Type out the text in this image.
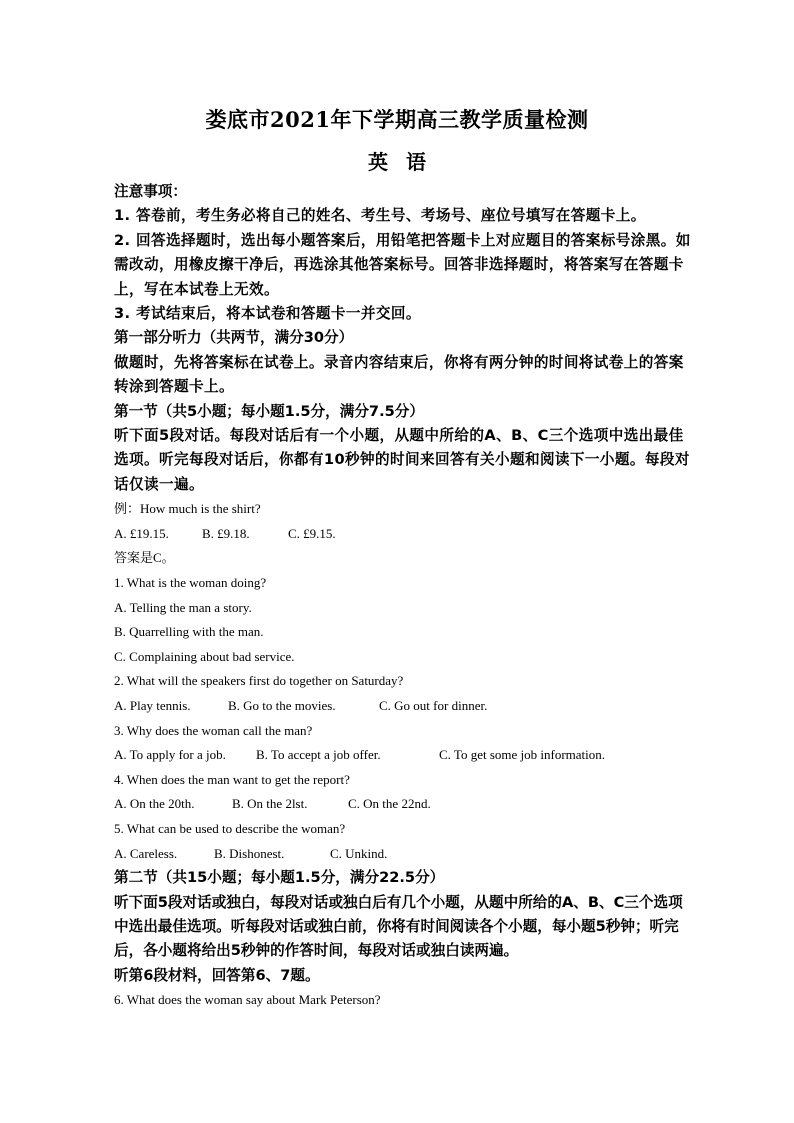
娄底市2021年下学期高三教学质量检测
英语

注意事项：

1. 答卷前，考生务必将自己的姓名、考生号、考场号、座位号填写在答题卡上。

2. 回答选择题时，选出每小题答案后，用铅笔把答题卡上对应题目的答案标号涂黑。如需改动，用橡皮擦干净后，再选涂其他答案标号。回答非选择题时，将答案写在答题卡上，写在本试卷上无效。

3. 考试结束后，将本试卷和答题卡一并交回。

第一部分听力（共两节，满分30分）

做题时，先将答案标在试卷上。录音内容结束后，你将有两分钟的时间将试卷上的答案转涂到答题卡上。

第一节（共5小题；每小题1.5分，满分7.5分）

听下面5段对话。每段对话后有一个小题，从题中所给的A、B、C三个选项中选出最佳选项。听完每段对话后，你都有10秒钟的时间来回答有关小题和阅读下一小题。每段对话仅读一遍。

例：How much is the shirt?

A. £19.15.	B. £9.18.	C. £9.15.

答案是C。

1. What is the woman doing?

A. Telling the man a story.

B. Quarrelling with the man.

C. Complaining about bad service.

2. What will the speakers first do together on Saturday?

A. Play tennis.	B. Go to the movies.	C. Go out for dinner.

3. Why does the woman call the man?

A. To apply for a job. B. To accept a job offer.	C. To get some job information.

4. When does the man want to get the report?

A. On the 20th.	B. On the 2lst.	C. On the 22nd.

5. What can be used to describe the woman?

A. Careless.	B. Dishonest.	C. Unkind.

第二节（共15小题；每小题1.5分，满分22.5分）

听下面5段对话或独白，每段对话或独白后有几个小题，从题中所给的A、B、C三个选项中选出最佳选项。听每段对话或独白前，你将有时间阅读各个小题，每小题5秒钟；听完后，各小题将给出5秒钟的作答时间，每段对话或独白读两遍。

听第6段材料，回答第6、7题。

6. What does the woman say about Mark Peterson?
